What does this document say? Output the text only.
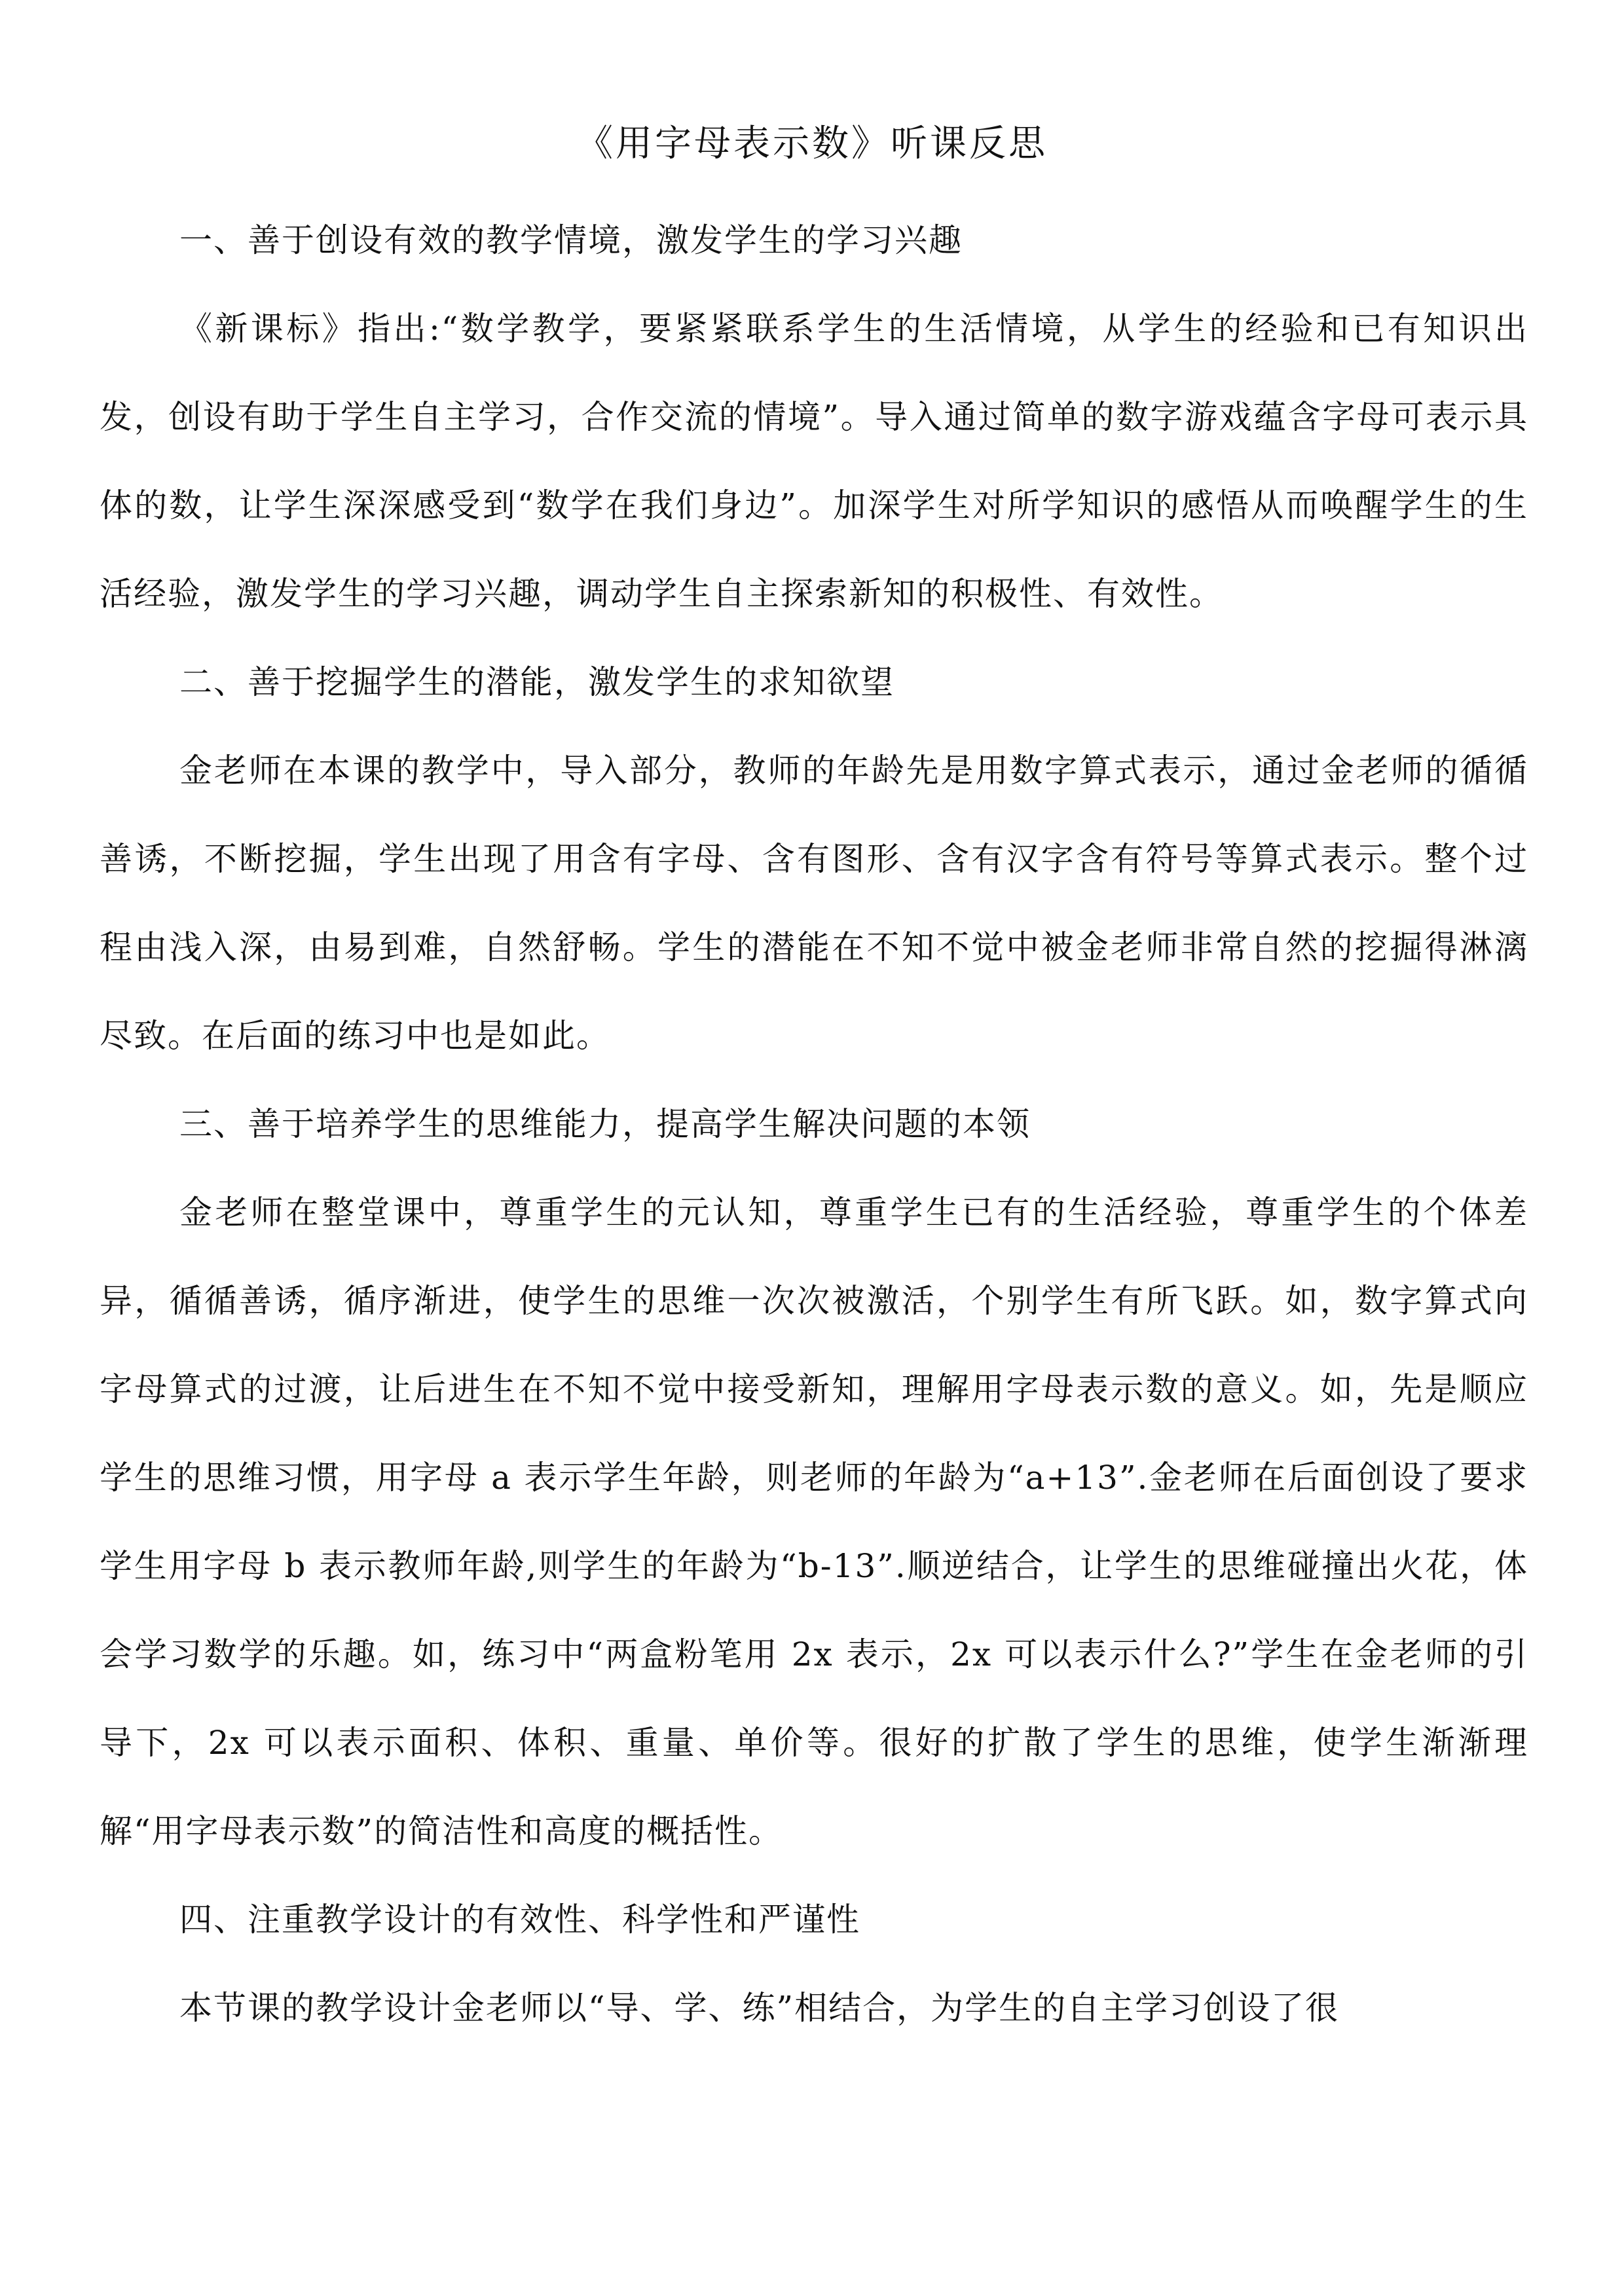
《用字母表示数》听课反思

一、善于创设有效的教学情境，激发学生的学习兴趣

《新课标》指出:“数学教学，要紧紧联系学生的生活情境，从学生的经验和已有知识出发，创设有助于学生自主学习，合作交流的情境”。导入通过简单的数字游戏蕴含字母可表示具体的数，让学生深深感受到“数学在我们身边”。加深学生对所学知识的感悟从而唤醒学生的生活经验，激发学生的学习兴趣，调动学生自主探索新知的积极性、有效性。

二、善于挖掘学生的潜能，激发学生的求知欲望

金老师在本课的教学中，导入部分，教师的年龄先是用数字算式表示，通过金老师的循循善诱，不断挖掘，学生出现了用含有字母、含有图形、含有汉字含有符号等算式表示。整个过程由浅入深，由易到难，自然舒畅。学生的潜能在不知不觉中被金老师非常自然的挖掘得淋漓尽致。在后面的练习中也是如此。

三、善于培养学生的思维能力，提高学生解决问题的本领

金老师在整堂课中，尊重学生的元认知，尊重学生已有的生活经验，尊重学生的个体差异，循循善诱，循序渐进，使学生的思维一次次被激活，个别学生有所飞跃。如，数字算式向字母算式的过渡，让后进生在不知不觉中接受新知，理解用字母表示数的意义。如，先是顺应学生的思维习惯，用字母 a 表示学生年龄，则老师的年龄为“a+13”.金老师在后面创设了要求学生用字母 b 表示教师年龄,则学生的年龄为“b-13”.顺逆结合，让学生的思维碰撞出火花，体会学习数学的乐趣。如，练习中“两盒粉笔用 2x 表示，2x 可以表示什么?”学生在金老师的引导下，2x 可以表示面积、体积、重量、单价等。很好的扩散了学生的思维，使学生渐渐理解“用字母表示数”的简洁性和高度的概括性。

四、注重教学设计的有效性、科学性和严谨性

本节课的教学设计金老师以“导、学、练”相结合，为学生的自主学习创设了很
